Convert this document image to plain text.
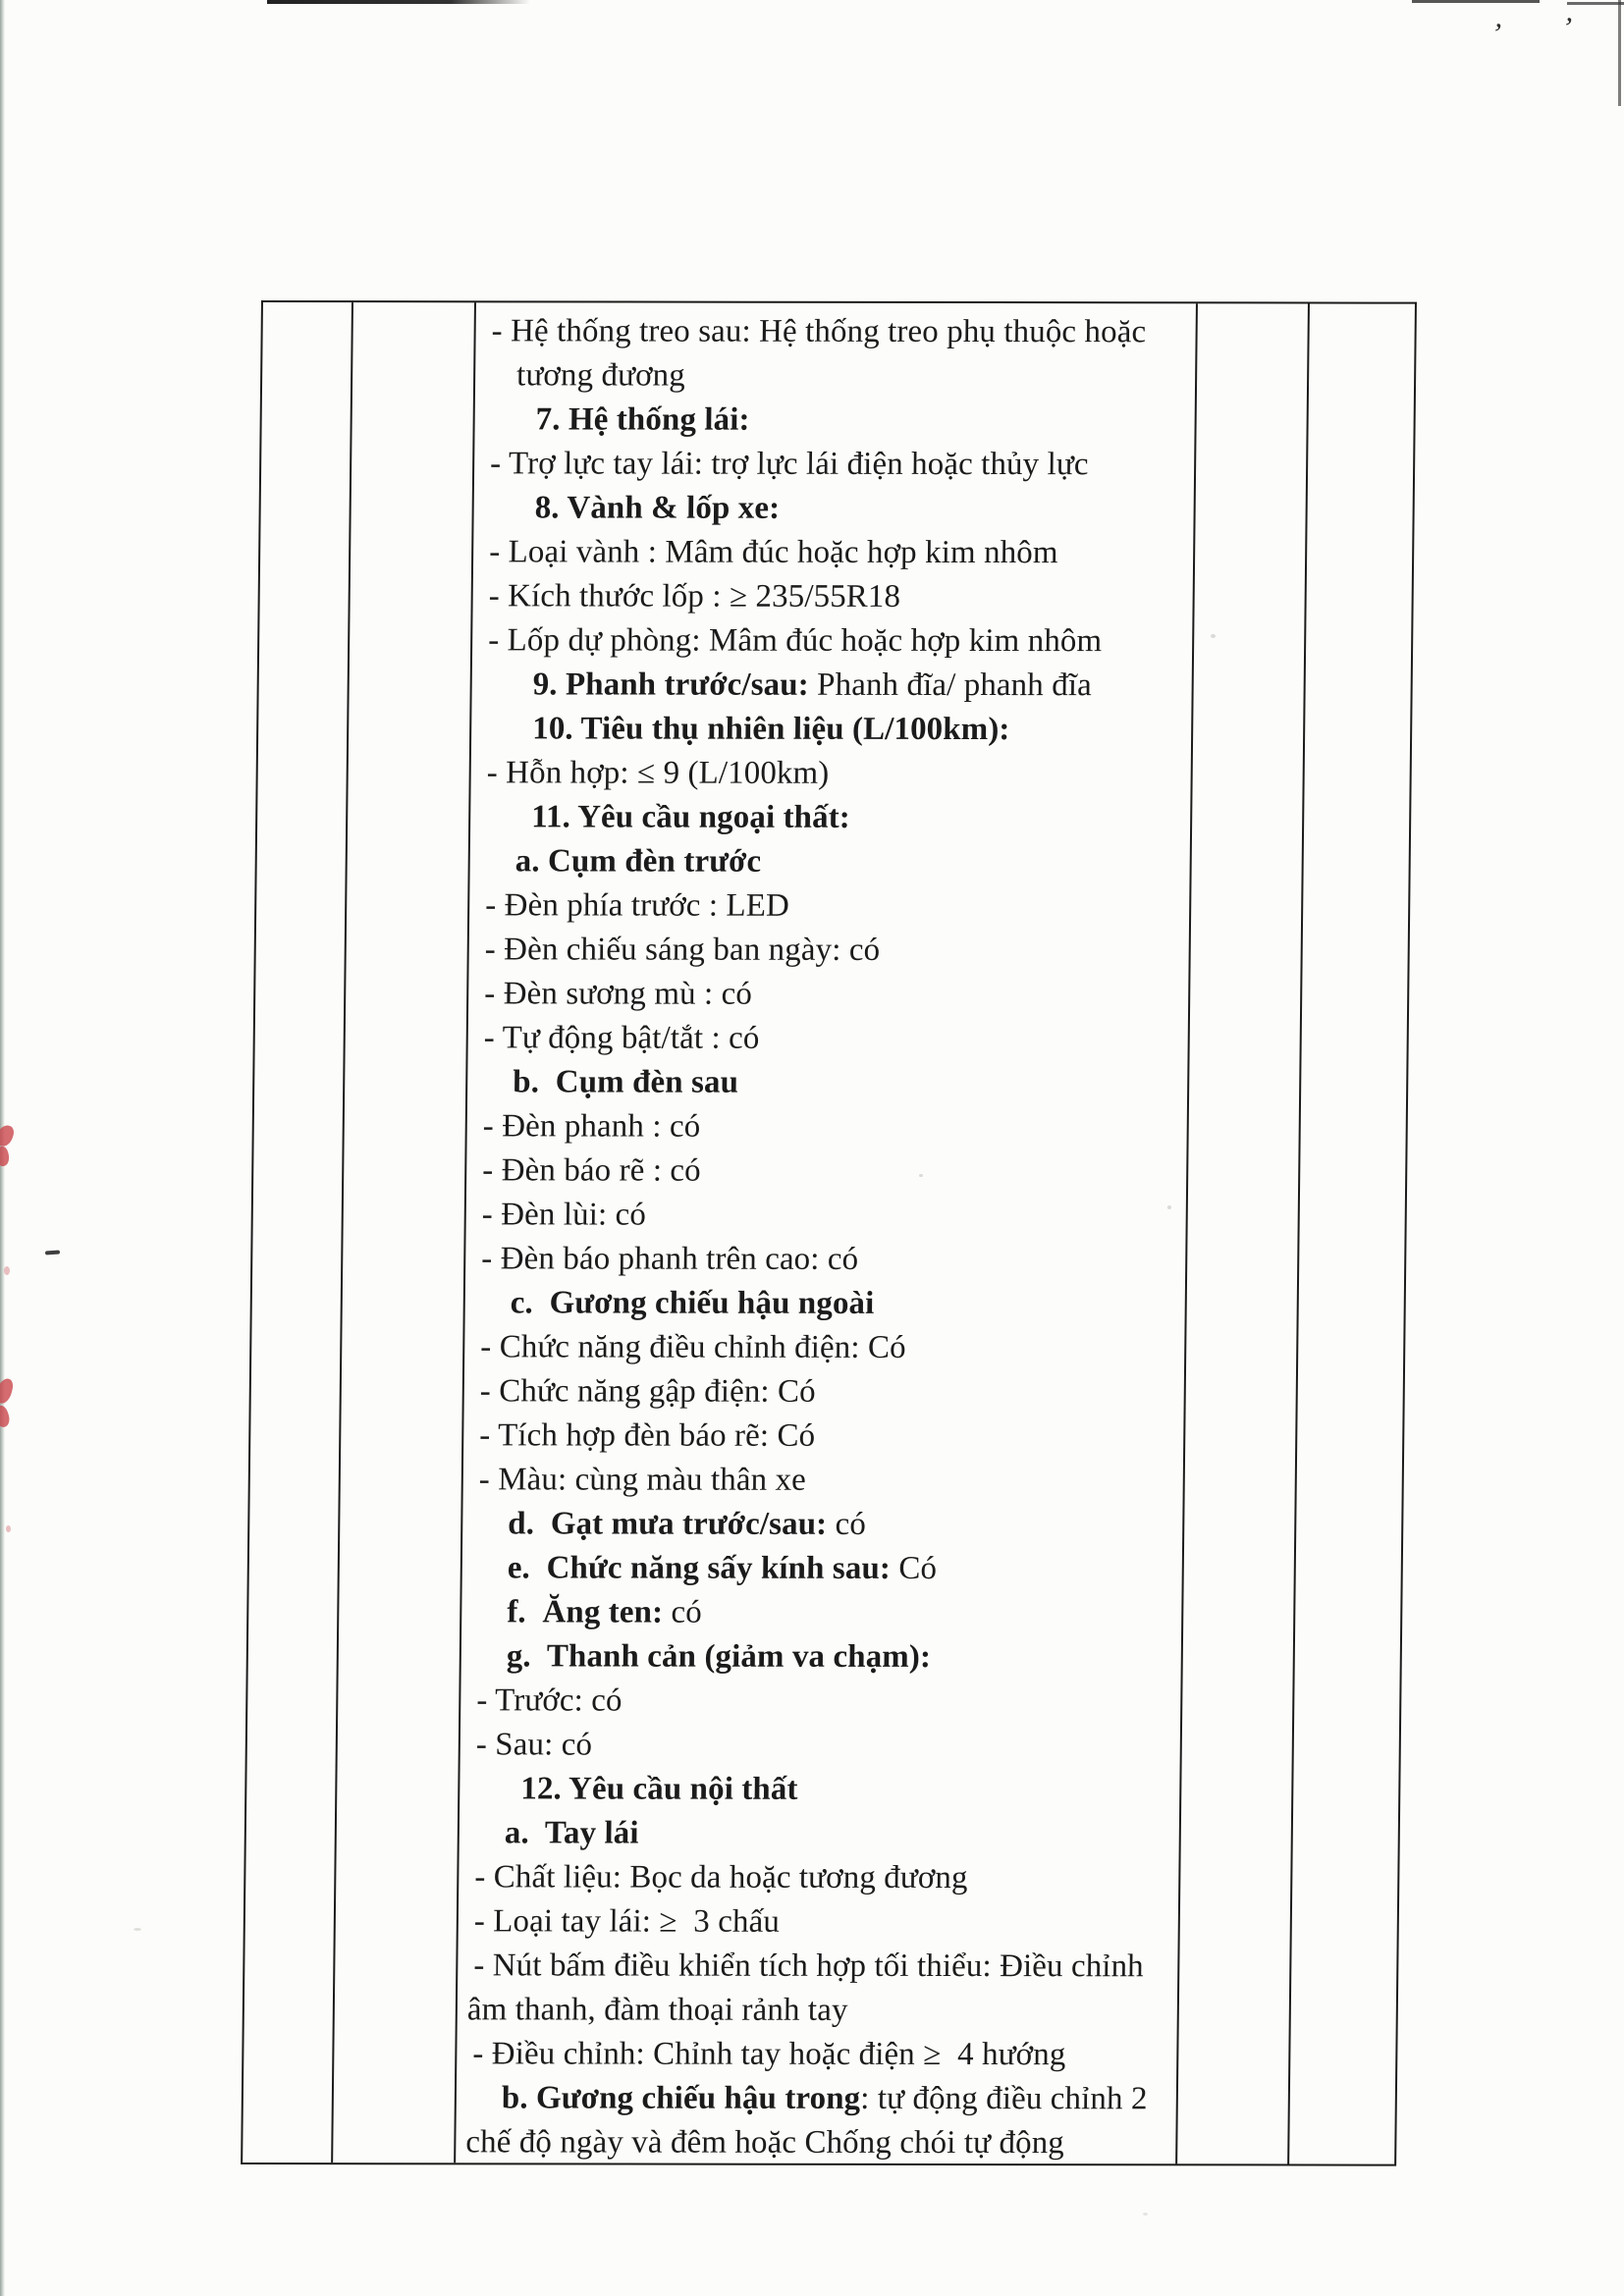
’ ’
- Hệ thống treo sau: Hệ thống treo phụ thuộc hoặc
tương đương
7. Hệ thống lái:
- Trợ lực tay lái: trợ lực lái điện hoặc thủy lực
8. Vành & lốp xe:
- Loại vành : Mâm đúc hoặc hợp kim nhôm
- Kích thước lốp : ≥ 235/55R18
- Lốp dự phòng: Mâm đúc hoặc hợp kim nhôm
9. Phanh trước/sau: Phanh đĩa/ phanh đĩa
10. Tiêu thụ nhiên liệu (L/100km):
- Hỗn hợp: ≤ 9 (L/100km)
11. Yêu cầu ngoại thất:
a. Cụm đèn trước
- Đèn phía trước : LED
- Đèn chiếu sáng ban ngày: có
- Đèn sương mù : có
- Tự động bật/tắt : có
b.  Cụm đèn sau
- Đèn phanh : có
- Đèn báo rẽ : có
- Đèn lùi: có
- Đèn báo phanh trên cao: có
c.  Gương chiếu hậu ngoài
- Chức năng điều chỉnh điện: Có
- Chức năng gập điện: Có
- Tích hợp đèn báo rẽ: Có
- Màu: cùng màu thân xe
d.  Gạt mưa trước/sau: có
e.  Chức năng sấy kính sau: Có
f.  Ăng ten: có
g.  Thanh cản (giảm va chạm):
- Trước: có
- Sau: có
12. Yêu cầu nội thất
a.  Tay lái
- Chất liệu: Bọc da hoặc tương đương
- Loại tay lái: ≥  3 chấu
- Nút bấm điều khiển tích hợp tối thiểu: Điều chỉnh
âm thanh, đàm thoại rảnh tay
- Điều chỉnh: Chỉnh tay hoặc điện ≥  4 hướng
b. Gương chiếu hậu trong: tự động điều chỉnh 2
chế độ ngày và đêm hoặc Chống chói tự động
